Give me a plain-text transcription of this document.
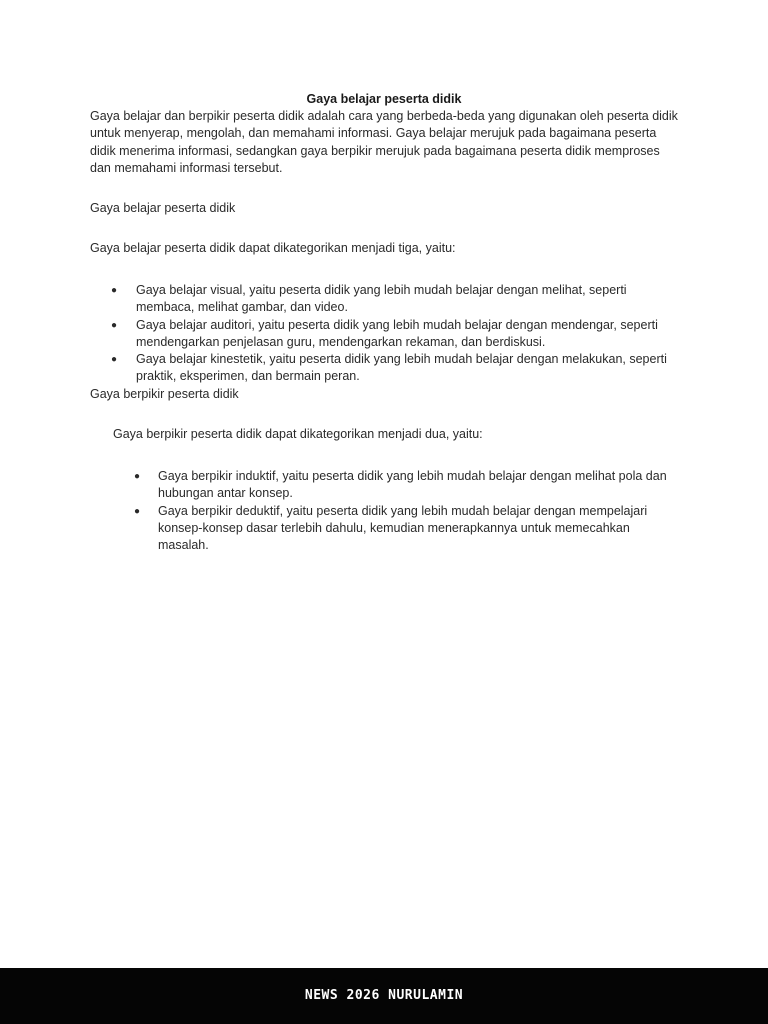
Gaya belajar peserta didik

Gaya belajar dan berpikir peserta didik adalah cara yang berbeda-beda yang digunakan oleh peserta didik untuk menyerap, mengolah, dan memahami informasi. Gaya belajar merujuk pada bagaimana peserta didik menerima informasi, sedangkan gaya berpikir merujuk pada bagaimana peserta didik memproses dan memahami informasi tersebut.

Gaya belajar peserta didik

Gaya belajar peserta didik dapat dikategorikan menjadi tiga, yaitu:

● Gaya belajar visual, yaitu peserta didik yang lebih mudah belajar dengan melihat, seperti membaca, melihat gambar, dan video.
● Gaya belajar auditori, yaitu peserta didik yang lebih mudah belajar dengan mendengar, seperti mendengarkan penjelasan guru, mendengarkan rekaman, dan berdiskusi.
● Gaya belajar kinestetik, yaitu peserta didik yang lebih mudah belajar dengan melakukan, seperti praktik, eksperimen, dan bermain peran.

Gaya berpikir peserta didik

Gaya berpikir peserta didik dapat dikategorikan menjadi dua, yaitu:

● Gaya berpikir induktif, yaitu peserta didik yang lebih mudah belajar dengan melihat pola dan hubungan antar konsep.
● Gaya berpikir deduktif, yaitu peserta didik yang lebih mudah belajar dengan mempelajari konsep-konsep dasar terlebih dahulu, kemudian menerapkannya untuk memecahkan masalah.
NEWS 2026 NURULAMIN
